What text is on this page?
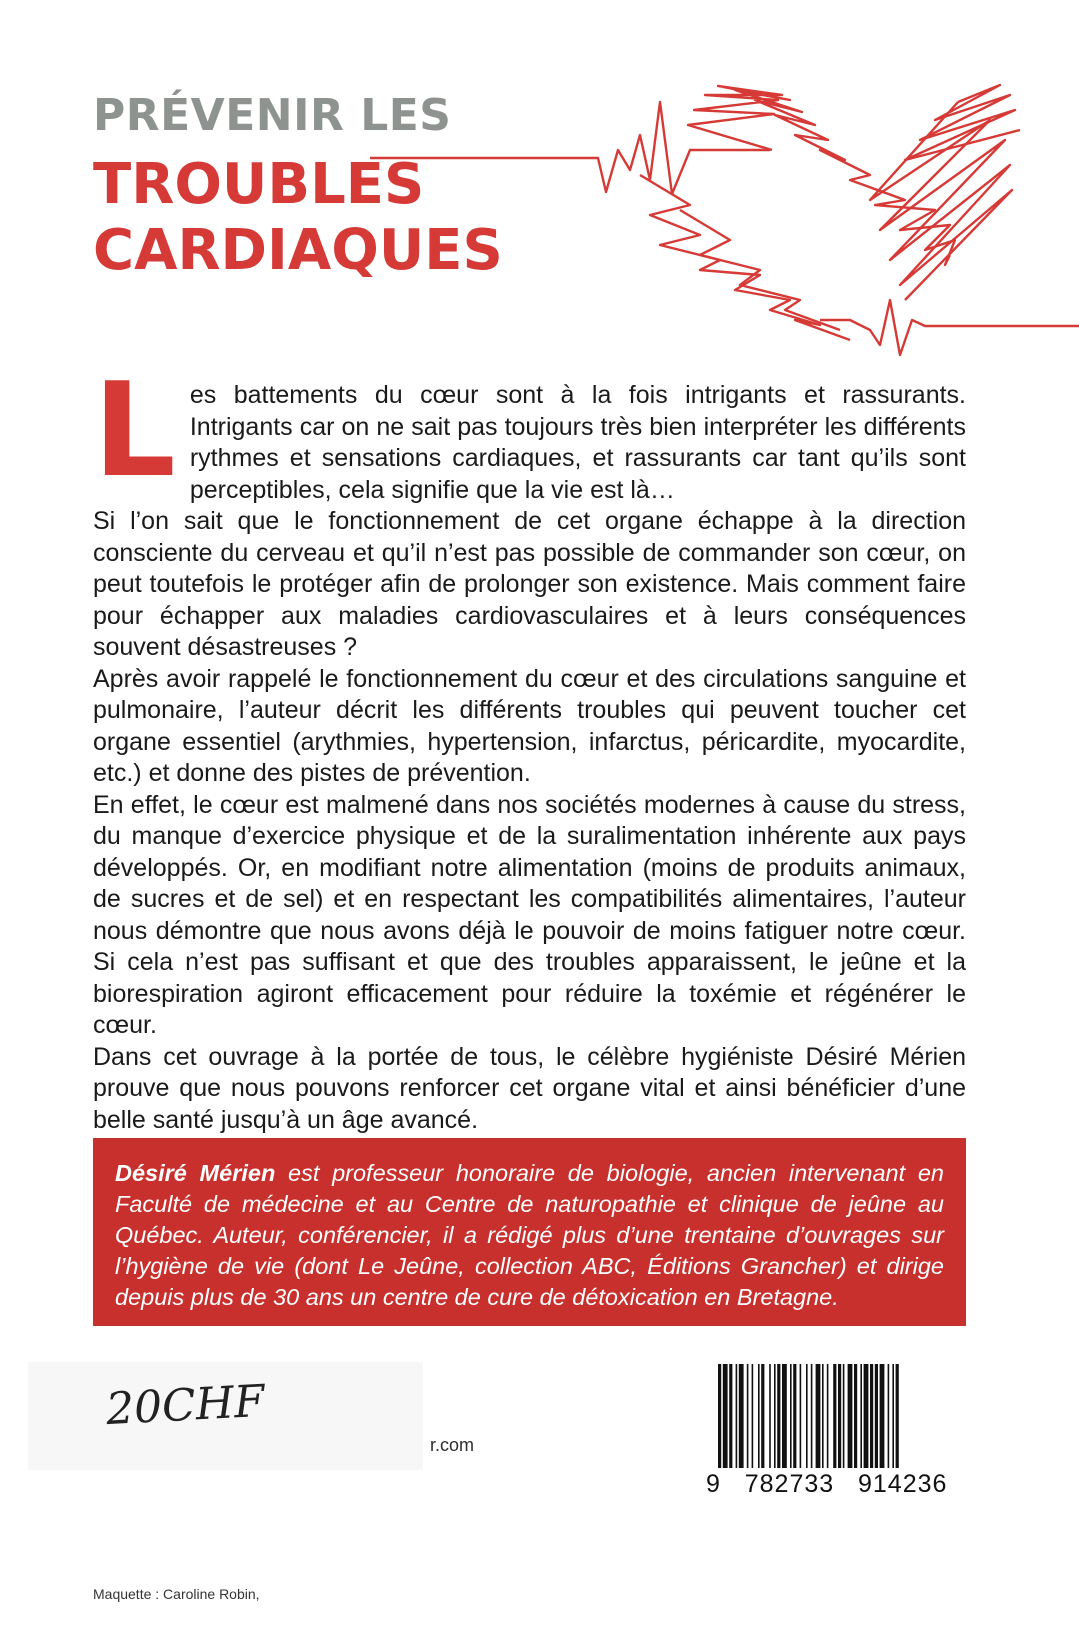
PRÉVENIR LES
TROUBLES
CARDIAQUES

Les battements du cœur sont à la fois intrigants et rassurants. Intrigants car on ne sait pas toujours très bien interpréter les différents rythmes et sensations cardiaques, et rassurants car tant qu’ils sont perceptibles, cela signifie que la vie est là…

Si l’on sait que le fonctionnement de cet organe échappe à la direction consciente du cerveau et qu’il n’est pas possible de commander son cœur, on peut toutefois le protéger afin de prolonger son existence. Mais comment faire pour échapper aux maladies cardiovasculaires et à leurs conséquences souvent désastreuses ?

Après avoir rappelé le fonctionnement du cœur et des circulations sanguine et pulmonaire, l’auteur décrit les différents troubles qui peuvent toucher cet organe essentiel (arythmies, hypertension, infarctus, péricardite, myocardite, etc.) et donne des pistes de prévention.

En effet, le cœur est malmené dans nos sociétés modernes à cause du stress, du manque d’exercice physique et de la suralimentation inhérente aux pays développés. Or, en modifiant notre alimentation (moins de produits animaux, de sucres et de sel) et en respectant les compatibilités alimentaires, l’auteur nous démontre que nous avons déjà le pouvoir de moins fatiguer notre cœur. Si cela n’est pas suffisant et que des troubles apparaissent, le jeûne et la biorespiration agiront efficacement pour réduire la toxémie et régénérer le cœur.

Dans cet ouvrage à la portée de tous, le célèbre hygiéniste Désiré Mérien prouve que nous pouvons renforcer cet organe vital et ainsi bénéficier d’une belle santé jusqu’à un âge avancé.

Désiré Mérien est professeur honoraire de biologie, ancien intervenant en Faculté de médecine et au Centre de naturopathie et clinique de jeûne au Québec. Auteur, conférencier, il a rédigé plus d’une trentaine d’ouvrages sur l’hygiène de vie (dont Le Jeûne, collection ABC, Éditions Grancher) et dirige depuis plus de 30 ans un centre de cure de détoxication en Bretagne.
20CHF
r.com
Maquette : Caroline Robin,
9   782733   914236
